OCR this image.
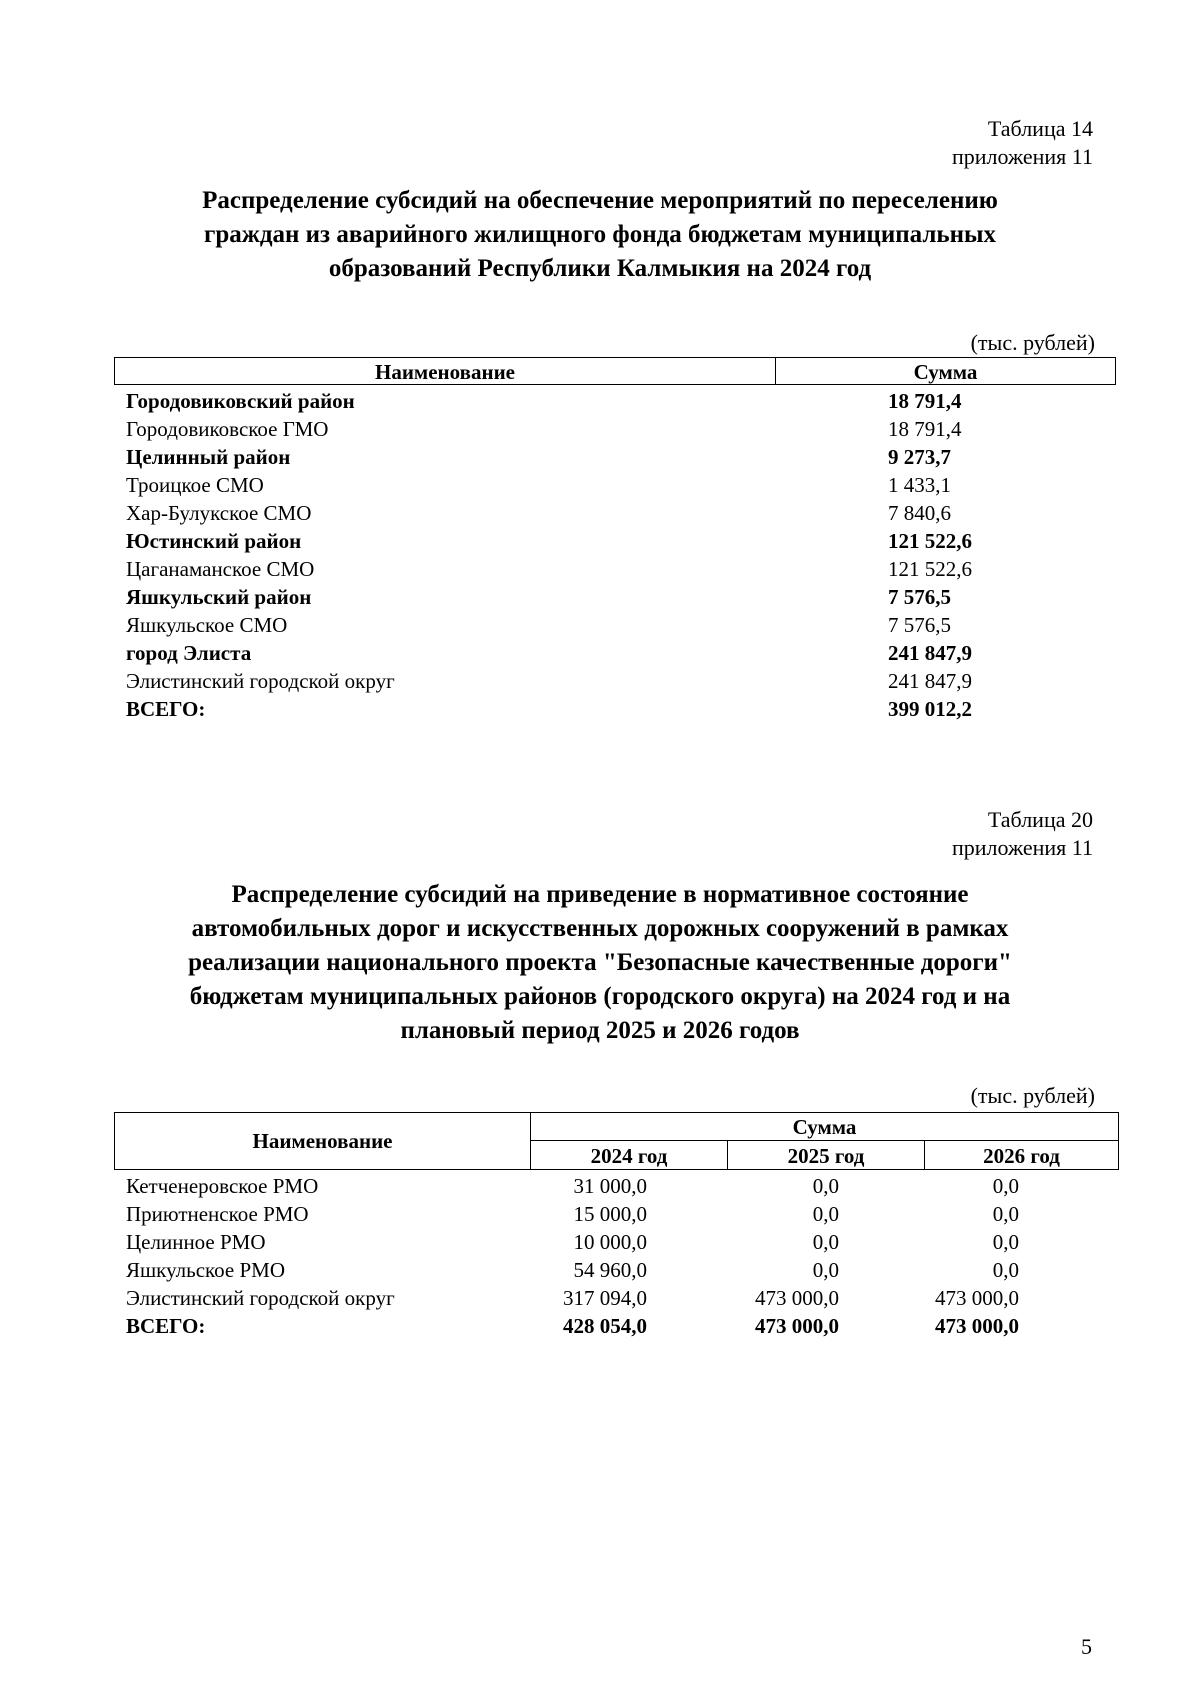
Таблица 14
приложения 11
Распределение субсидий на обеспечение мероприятий по переселению
граждан из аварийного жилищного фонда бюджетам муниципальных
образований Республики Калмыкия на 2024 год
(тыс. рублей)
Наименование	Сумма
Городовиковский район	18 791,4
Городовиковское ГМО	18 791,4
Целинный район	9 273,7
Троицкое СМО	1 433,1
Хар-Булукское СМО	7 840,6
Юстинский район	121 522,6
Цаганаманское СМО	121 522,6
Яшкульский район	7 576,5
Яшкульское СМО	7 576,5
город Элиста	241 847,9
Элистинский городской округ	241 847,9
ВСЕГО:	399 012,2
Таблица 20
приложения 11
Распределение субсидий на приведение в нормативное состояние
автомобильных дорог и искусственных дорожных сооружений в рамках
реализации национального проекта "Безопасные качественные дороги"
бюджетам муниципальных районов (городского округа) на 2024 год и на
плановый период 2025 и 2026 годов
(тыс. рублей)
Наименование
Сумма
2024 год	2025 год	2026 год
Кетченеровское РМО	31 000,0	0,0	0,0
Приютненское РМО	15 000,0	0,0	0,0
Целинное РМО	10 000,0	0,0	0,0
Яшкульское РМО	54 960,0	0,0	0,0
Элистинский городской округ	317 094,0	473 000,0	473 000,0
ВСЕГО:	428 054,0	473 000,0	473 000,0
5
